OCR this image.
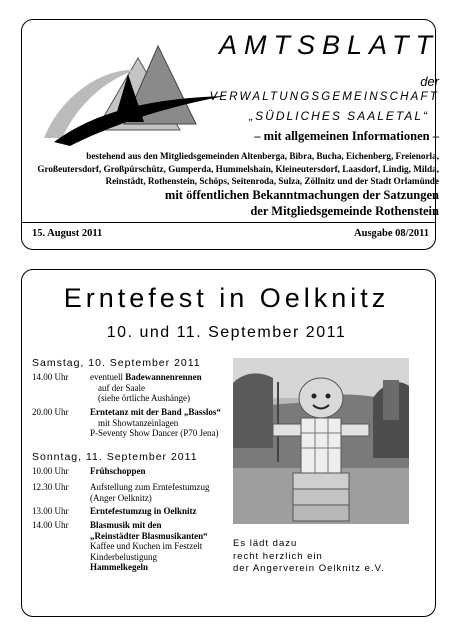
AMTSBLATT
der
VERWALTUNGSGEMEINSCHAFT
„SÜDLICHES SAALETAL“
– mit allgemeinen Informationen –
bestehend aus den Mitgliedsgemeinden Altenberga, Bibra, Bucha, Eichenberg, Freienorla, Großeutersdorf, Großpürschütz, Gumperda, Hummelshain, Kleineutersdorf, Laasdorf, Lindig, Milda, Reinstädt, Rothenstein, Schöps, Seitenroda, Sulza, Zöllnitz und der Stadt Orlamünde
mit öffentlichen Bekanntmachungen der Satzungen
der Mitgliedsgemeinde Rothenstein
15. August 2011	Ausgabe 08/2011
Erntefest in Oelknitz
10. und 11. September 2011
Samstag, 10. September 2011
14.00 Uhr	eventuell Badewannenrennen
auf der Saale
(siehe örtliche Aushänge)
20.00 Uhr	Erntetanz mit der Band „Basslos“
mit Showtanzeinlagen
P-Seventy Show Dancer (P70 Jena)
Sonntag, 11. September 2011
10.00 Uhr	Frühschoppen
12.30 Uhr	Aufstellung zum Erntefestumzug
(Anger Oelknitz)
13.00 Uhr	Erntefestumzug in Oelknitz
14.00 Uhr	Blasmusik mit den
„Reinstädter Blasmusikanten“
Kaffee und Kuchen im Festzelt
Kinderbelustigung
Hammelkegeln
Es lädt dazu
recht herzlich ein
der Angerverein Oelknitz e.V.
